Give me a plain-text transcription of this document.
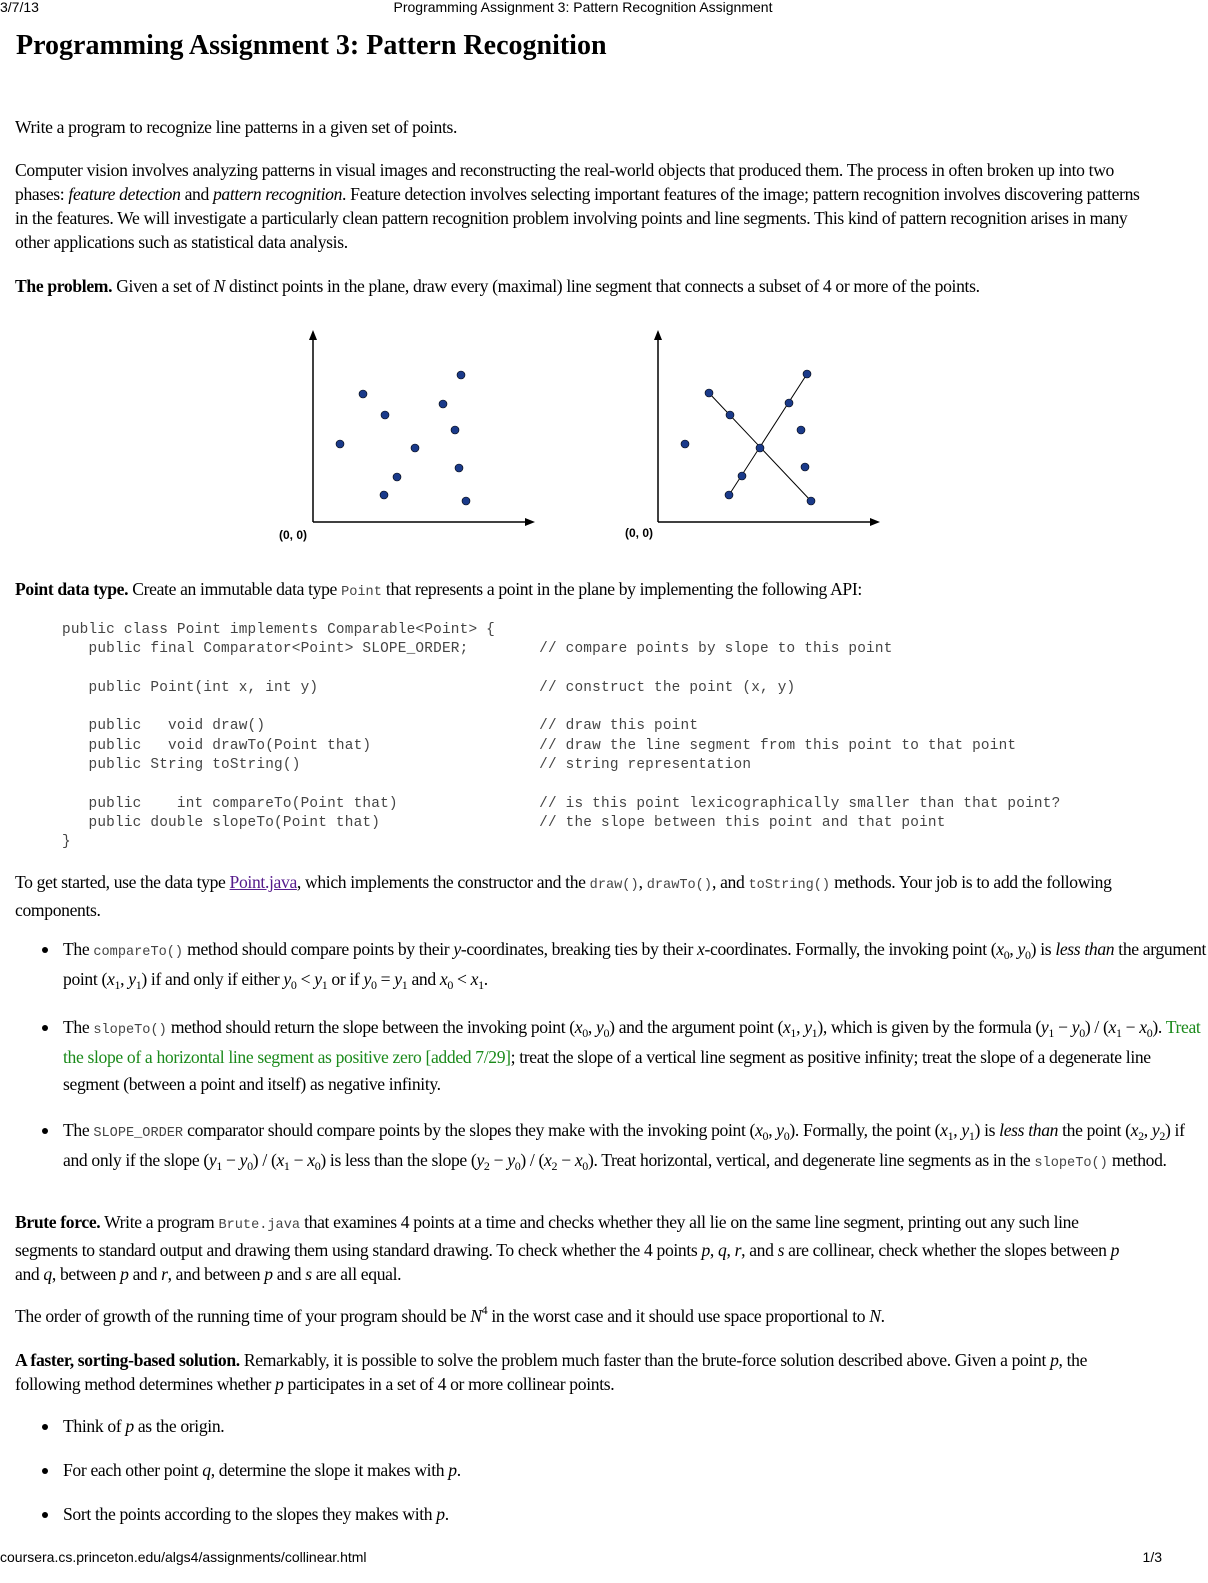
3/7/13	Programming Assignment 3: Pattern Recognition Assignment
Programming Assignment 3: Pattern Recognition

Write a program to recognize line patterns in a given set of points.

Computer vision involves analyzing patterns in visual images and reconstructing the real-world objects that produced them. The process in often broken up into two phases: feature detection and pattern recognition. Feature detection involves selecting important features of the image; pattern recognition involves discovering patterns in the features. We will investigate a particularly clean pattern recognition problem involving points and line segments. This kind of pattern recognition arises in many other applications such as statistical data analysis.

The problem. Given a set of N distinct points in the plane, draw every (maximal) line segment that connects a subset of 4 or more of the points.

(0, 0)	(0, 0)

Point data type. Create an immutable data type Point that represents a point in the plane by implementing the following API:

public class Point implements Comparable<Point> {
public final Comparator<Point> SLOPE_ORDER;        // compare points by slope to this point

public Point(int x, int y)                         // construct the point (x, y)

public   void draw()                               // draw this point
public   void drawTo(Point that)                   // draw the line segment from this point to that point
public String toString()                           // string representation

public    int compareTo(Point that)                // is this point lexicographically smaller than that point?
public double slopeTo(Point that)                  // the slope between this point and that point
}

To get started, use the data type Point.java, which implements the constructor and the draw(), drawTo(), and toString() methods. Your job is to add the following components.

The compareTo() method should compare points by their y-coordinates, breaking ties by their x-coordinates. Formally, the invoking point ($x_0$, $y_0$) is less than the argument point ($x_1$, $y_1$) if and only if either $y_0 < y_1$ or if $y_0 = y_1$ and $x_0 < x_1$.
The slopeTo() method should return the slope between the invoking point ($x_0$, $y_0$) and the argument point ($x_1$, $y_1$), which is given by the formula $(y_1 - y_0) / (x_1 - x_0)$. Treat the slope of a horizontal line segment as positive zero [added 7/29]; treat the slope of a vertical line segment as positive infinity; treat the slope of a degenerate line segment (between a point and itself) as negative infinity.
The SLOPE_ORDER comparator should compare points by the slopes they make with the invoking point ($x_0$, $y_0$). Formally, the point ($x_1$, $y_1$) is less than the point ($x_2$, $y_2$) if and only if the slope $(y_1 - y_0) / (x_1 - x_0)$ is less than the slope $(y_2 - y_0) / (x_2 - x_0)$. Treat horizontal, vertical, and degenerate line segments as in the slopeTo() method.

Brute force. Write a program Brute.java that examines 4 points at a time and checks whether they all lie on the same line segment, printing out any such line segments to standard output and drawing them using standard drawing. To check whether the 4 points p, q, r, and s are collinear, check whether the slopes between p and q, between p and r, and between p and s are all equal.

The order of growth of the running time of your program should be $N^4$ in the worst case and it should use space proportional to N.

A faster, sorting-based solution. Remarkably, it is possible to solve the problem much faster than the brute-force solution described above. Given a point p, the following method determines whether p participates in a set of 4 or more collinear points.

Think of p as the origin.
For each other point q, determine the slope it makes with p.
Sort the points according to the slopes they makes with p.
coursera.cs.princeton.edu/algs4/assignments/collinear.html	1/3
